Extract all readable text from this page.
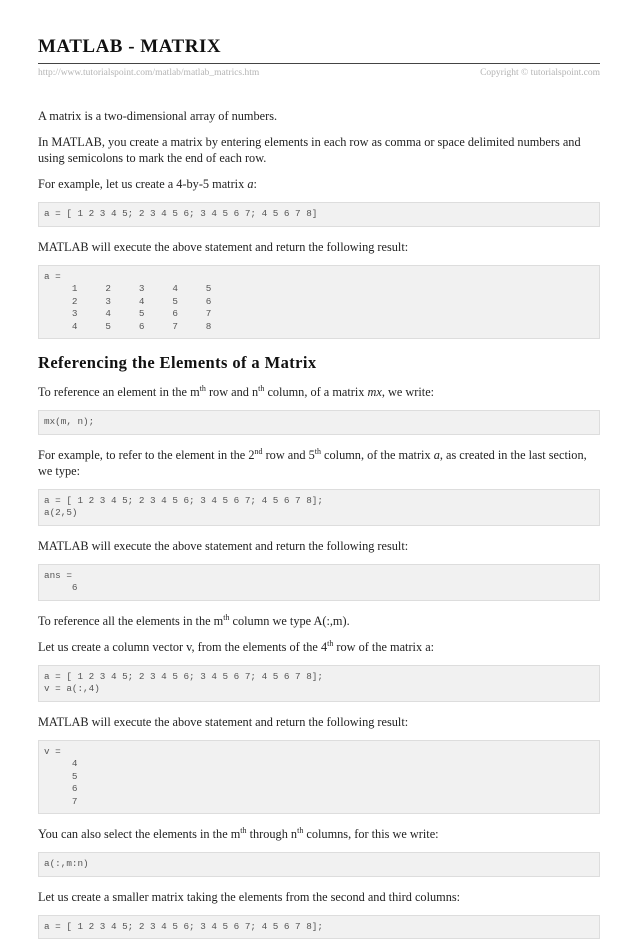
MATLAB - MATRIX
http://www.tutorialspoint.com/matlab/matlab_matrics.htm	Copyright © tutorialspoint.com

A matrix is a two-dimensional array of numbers.

In MATLAB, you create a matrix by entering elements in each row as comma or space delimited numbers and using semicolons to mark the end of each row.

For example, let us create a 4-by-5 matrix a:

a = [ 1 2 3 4 5; 2 3 4 5 6; 3 4 5 6 7; 4 5 6 7 8]

MATLAB will execute the above statement and return the following result:

a =
1     2     3     4     5
2     3     4     5     6
3     4     5     6     7
4     5     6     7     8
Referencing the Elements of a Matrix

To reference an element in the $m^{th}$ row and $n^{th}$ column, of a matrix mx, we write:

mx(m, n);

For example, to refer to the element in the 2nd row and 5th column, of the matrix a, as created in the last section, we type:

a = [ 1 2 3 4 5; 2 3 4 5 6; 3 4 5 6 7; 4 5 6 7 8];
a(2,5)

MATLAB will execute the above statement and return the following result:

ans =
6

To reference all the elements in the $m^{th}$ column we type A(:,m).

Let us create a column vector v, from the elements of the 4th row of the matrix a:

a = [ 1 2 3 4 5; 2 3 4 5 6; 3 4 5 6 7; 4 5 6 7 8];
v = a(:,4)

MATLAB will execute the above statement and return the following result:

v =
4
5
6
7

You can also select the elements in the $m^{th}$ through $n^{th}$ columns, for this we write:

a(:,m:n)

Let us create a smaller matrix taking the elements from the second and third columns:

a = [ 1 2 3 4 5; 2 3 4 5 6; 3 4 5 6 7; 4 5 6 7 8];
